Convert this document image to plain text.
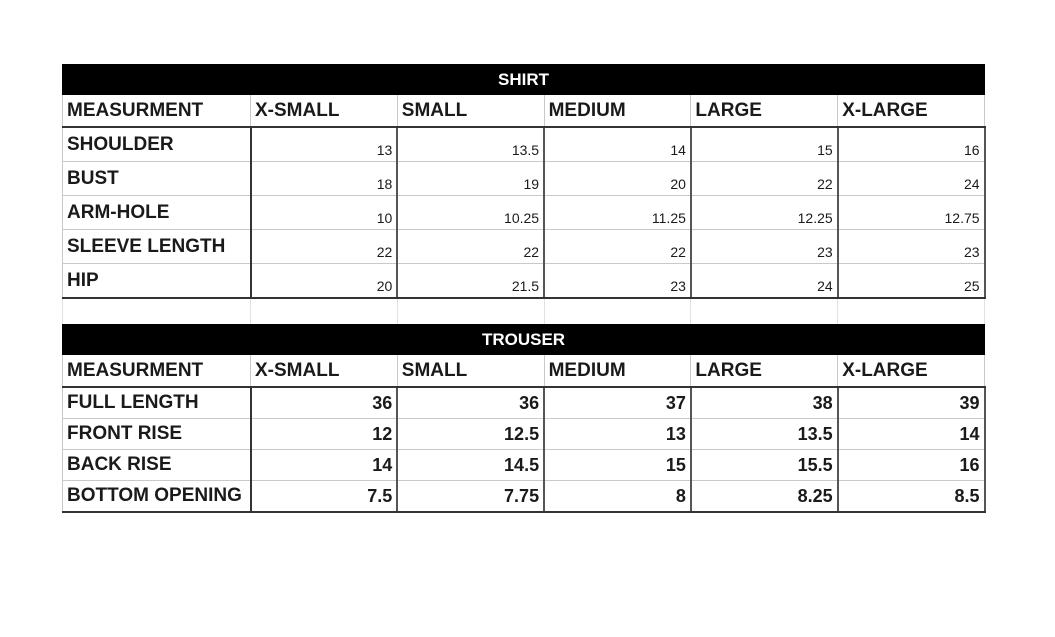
SHIRT					
MEASURMENT	X-SMALL	SMALL	MEDIUM	LARGE	X-LARGE
SHOULDER	13	13.5	14	15	16
BUST	18	19	20	22	24
ARM-HOLE	10	10.25	11.25	12.25	12.75
SLEEVE LENGTH	22	22	22	23	23
HIP	20	21.5	23	24	25

TROUSER					
MEASURMENT	X-SMALL	SMALL	MEDIUM	LARGE	X-LARGE
FULL LENGTH	36	36	37	38	39
FRONT RISE	12	12.5	13	13.5	14
BACK RISE	14	14.5	15	15.5	16
BOTTOM OPENING	7.5	7.75	8	8.25	8.5
